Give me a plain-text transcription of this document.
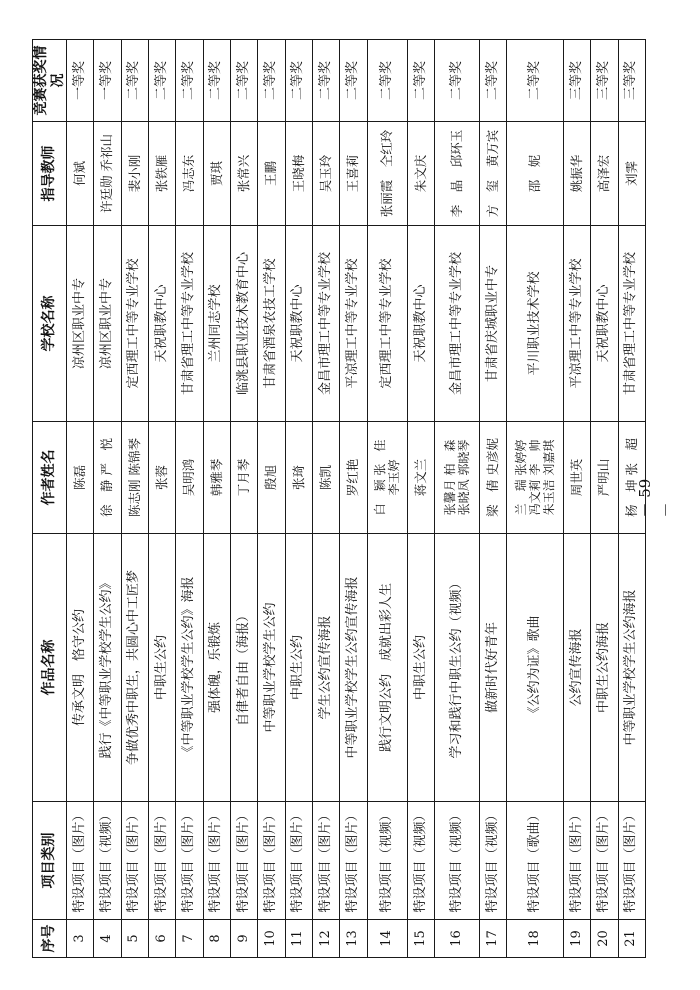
序号	项目类别	作品名称	作者姓名	学校名称	指导教师	竞赛获奖情况
3	特设项目（图片）	传承文明　恪守公约	陈磊	凉州区职业中专	何斌	一等奖
4	特设项目（视频）	践行《中等职业学校学生公约》	徐　静 严　悦	凉州区职业中专	许廷勋 乔祁山	一等奖
5	特设项目（图片）	争做优秀中职生，共圆心中工匠梦	陈志刚 陈锦琴	定西理工中等专业学校	裴小刚	二等奖
6	特设项目（图片）	中职生公约	张蓉	天祝职教中心	张铁雁	二等奖
7	特设项目（图片）	《中等职业学校学生公约》海报	吴明鸿	甘肃省理工中等专业学校	冯志东	二等奖
8	特设项目（图片）	强体魄，乐锻炼	韩雅琴	兰州同志学校	贾琪	二等奖
9	特设项目（图片）	自律者自由（海报）	丁月琴	临洮县职业技术教育中心	张常兴	二等奖
10	特设项目（图片）	中等职业学校学生公约	殷旭	甘肃省酒泉农技工学校	王鹏	二等奖
11	特设项目（图片）	中职生公约	张琦	天祝职教中心	王晓梅	二等奖
12	特设项目（图片）	学生公约宣传海报	陈凯	金昌市理工中等专业学校	吴玉玲	二等奖
13	特设项目（图片）	中等职业学校学生公约宣传海报	罗红艳	平凉理工中等专业学校	王喜莉	二等奖
14	特设项目（视频）	践行文明公约　成就出彩人生	白　颖 张　佳
李玉婷	定西理工中等专业学校	张丽霞　仝红玲	二等奖
15	特设项目（视频）	中职生公约	蒋文兰	天祝职教中心	朱文庆	二等奖
16	特设项目（视频）	学习和践行中职生公约（视频）	张馨月 柏　森
张晓凤 郭晓琴	金昌市理工中等专业学校	李　晶　邱环玉	二等奖
17	特设项目（视频）	做新时代好青年	梁　倩 史彦妮	甘肃省庆城职业中专	方　玺　黄万宾	二等奖
18	特设项目（歌曲）	《公约为证》歌曲	兰　瑞 张婷婷
冯文莉 李　帅
朱玉洁 刘嘉琪	平川职业技术学校	邵　妮	二等奖
19	特设项目（图片）	公约宣传海报	周世英	平凉理工中等专业学校	姚振华	三等奖
20	特设项目（图片）	中职生公约海报	严明山	天祝职教中心	高泽宏	三等奖
21	特设项目（图片）	中等职业学校学生公约海报	杨　坤 张　超	甘肃省理工中等专业学校	刘霁	三等奖
－ 59 －
